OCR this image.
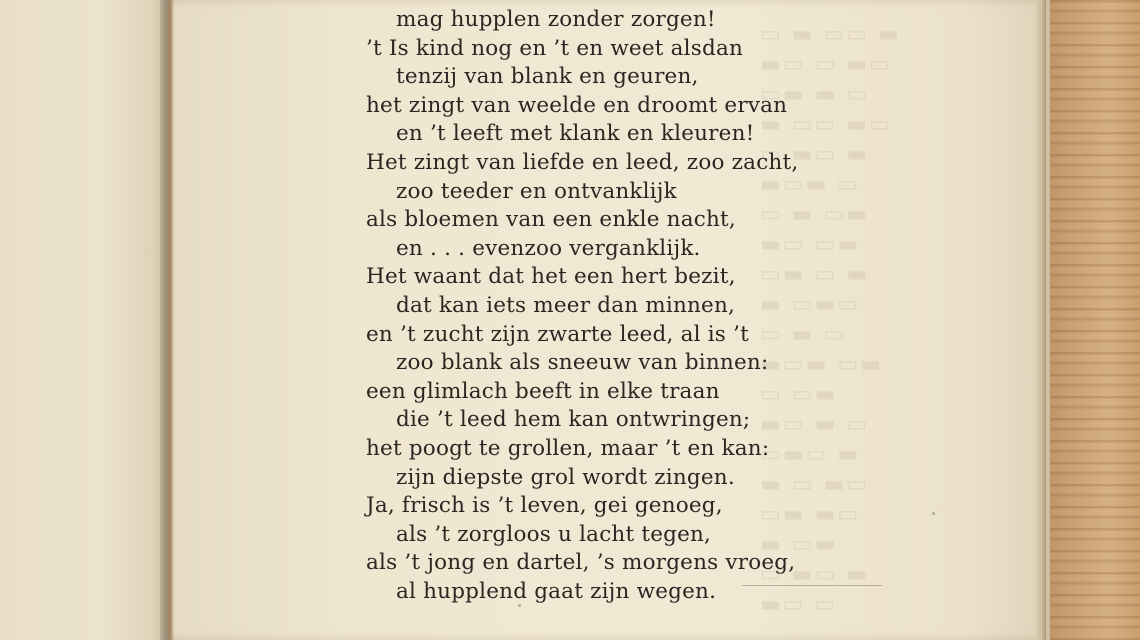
mag hupplen zonder zorgen!
’t Is kind nog en ’t en weet alsdan
tenzij van blank en geuren,
het zingt van weelde en droomt ervan
en ’t leeft met klank en kleuren!
Het zingt van liefde en leed, zoo zacht,
zoo teeder en ontvanklijk
als bloemen van een enkle nacht,
en . . . evenzoo verganklijk.
Het waant dat het een hert bezit,
dat kan iets meer dan minnen,
en ’t zucht zijn zwarte leed, al is ’t
zoo blank als sneeuw van binnen:
een glimlach beeft in elke traan
die ’t leed hem kan ontwringen;
het poogt te grollen, maar ’t en kan:
zijn diepste grol wordt zingen.
Ja, frisch is ’t leven, gei genoeg,
als ’t zorgloos u lacht tegen,
als ’t jong en dartel, ’s morgens vroeg,
al hupplend gaat zijn wegen.
